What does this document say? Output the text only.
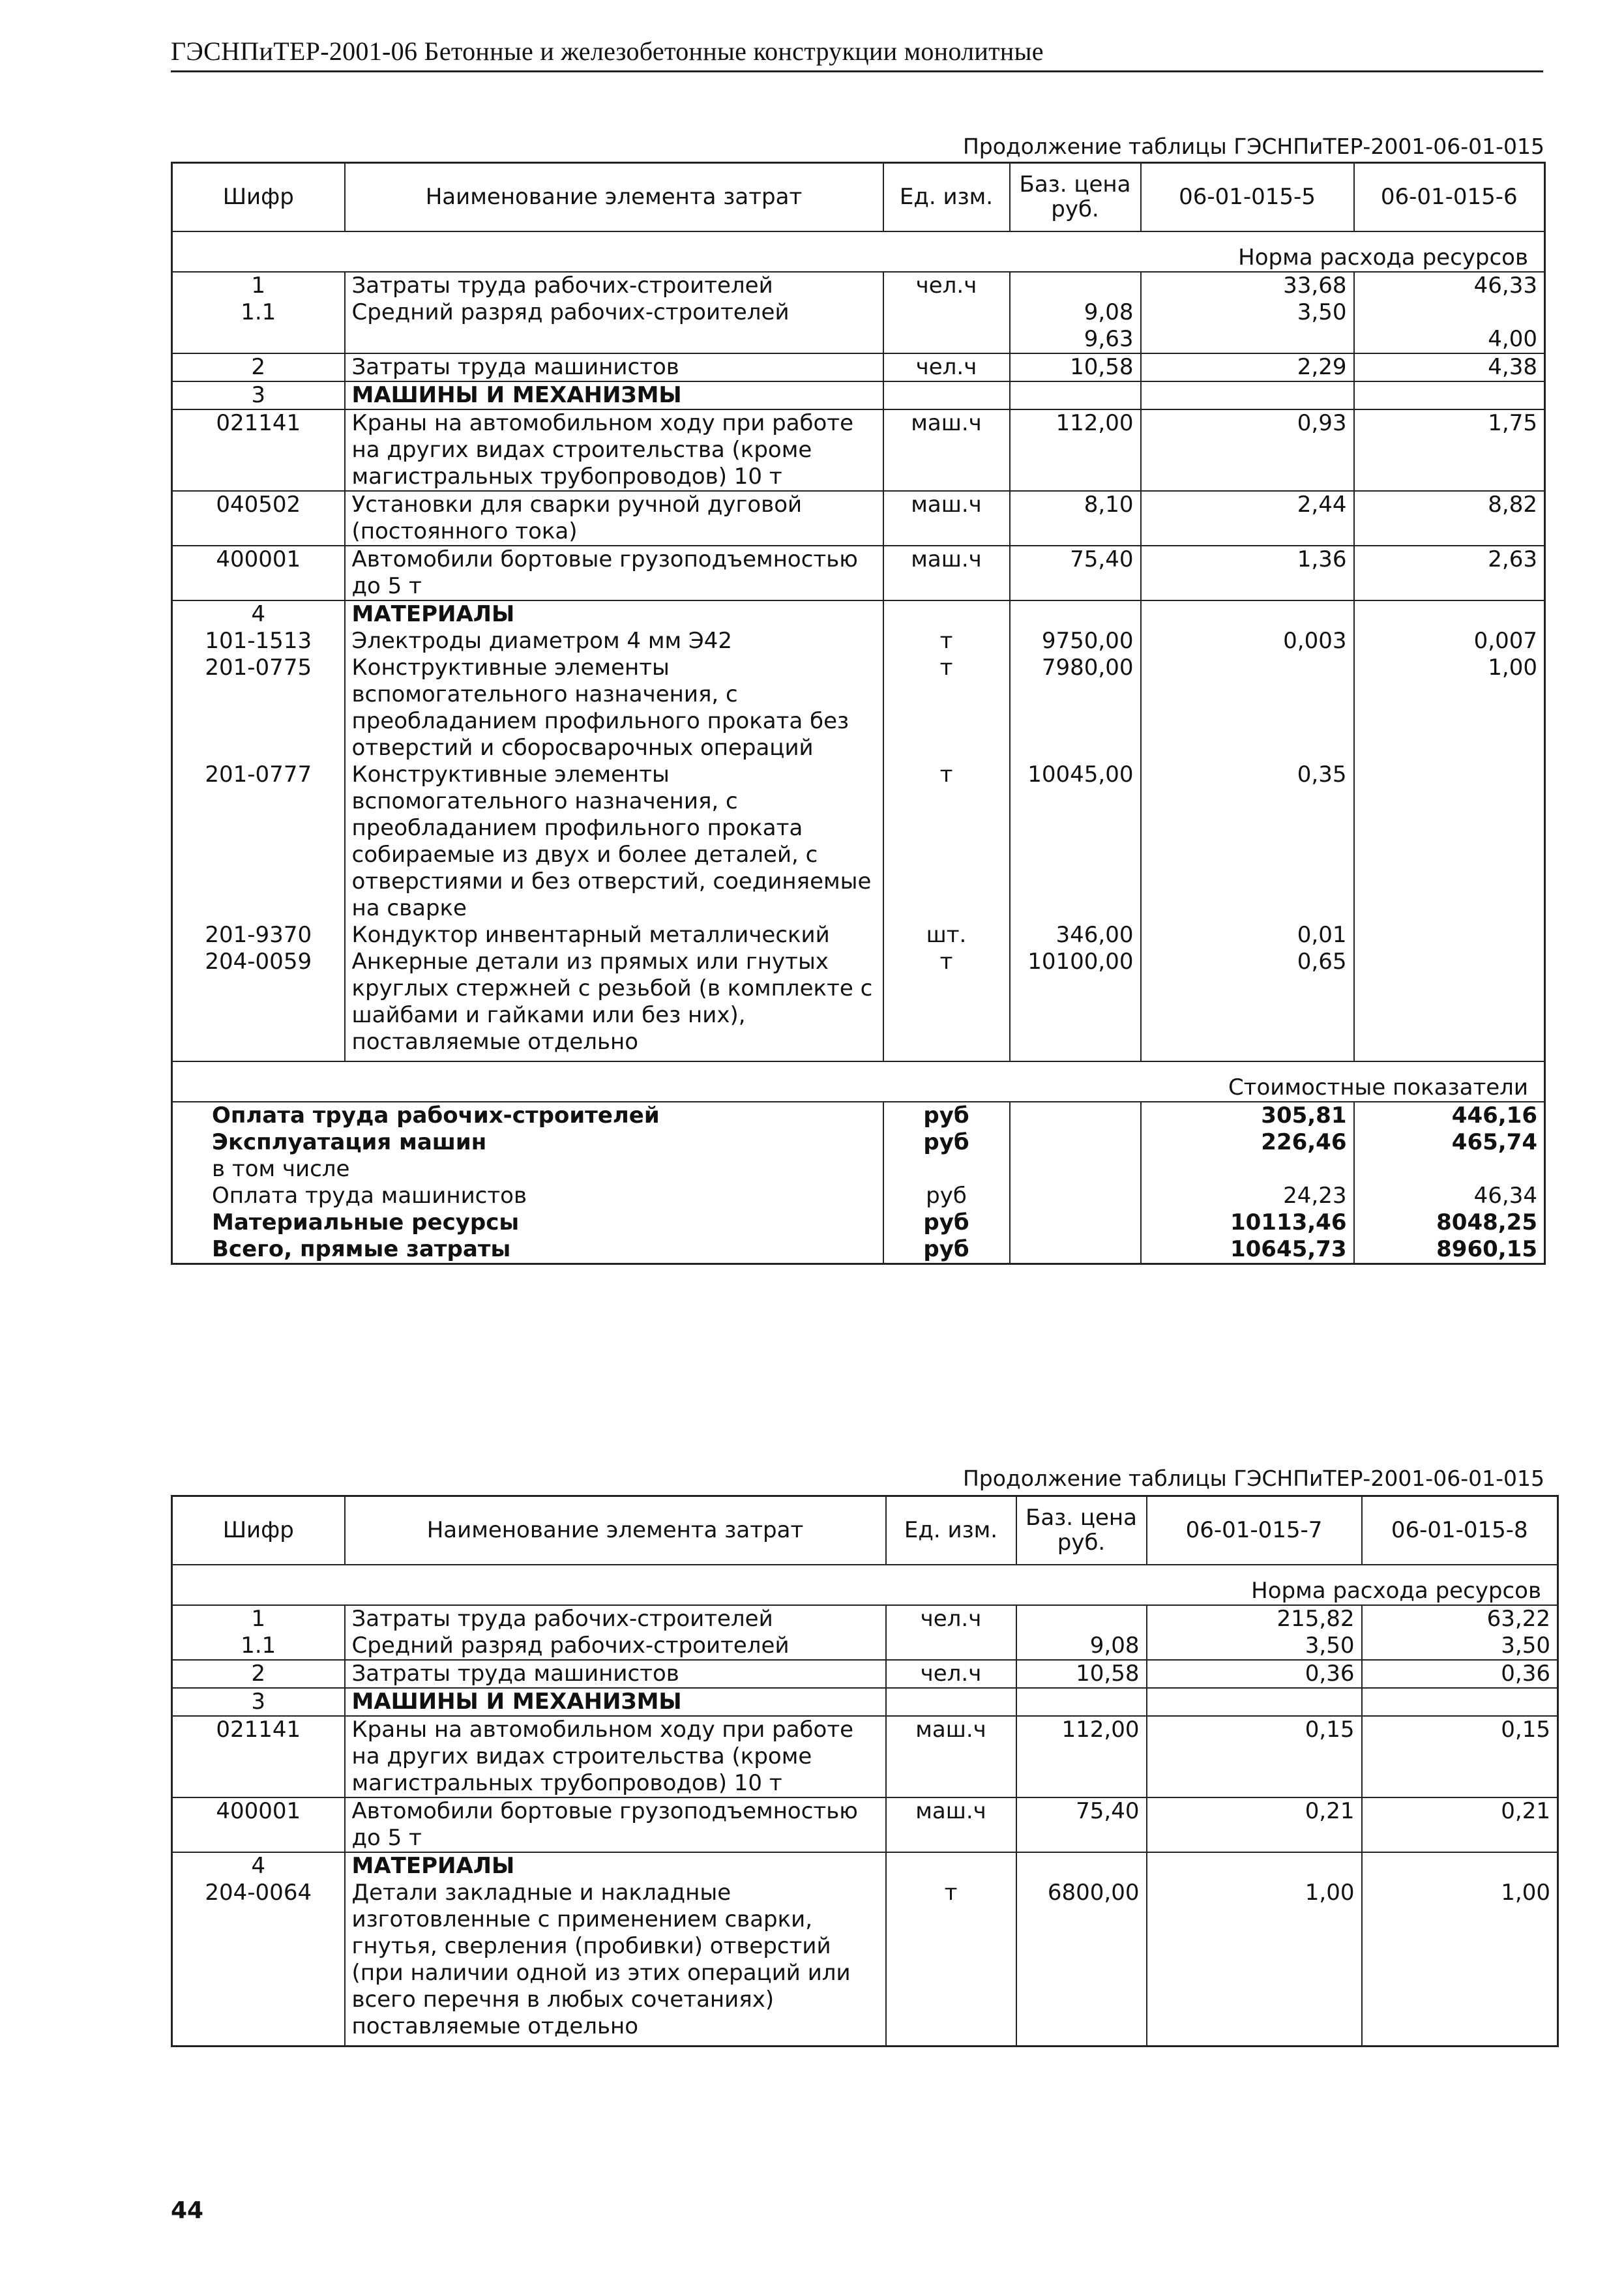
ГЭСНПиТЕР-2001-06 Бетонные и железобетонные конструкции монолитные
Продолжение таблицы ГЭСНПиТЕР-2001-06-01-015
Шифр	Наименование элемента затрат	Ед. изм.	Баз. цена руб.	06-01-015-5	06-01-015-6
Норма расхода ресурсов					
1	Затраты труда рабочих-строителей	чел.ч		33,68	46,33
1.1	Средний разряд рабочих-строителей		9,08	3,50	
			9,63		4,00
2	Затраты труда машинистов	чел.ч	10,58	2,29	4,38
3	МАШИНЫ И МЕХАНИЗМЫ				
021141	Краны на автомобильном ходу при работе на других видах строительства (кроме магистральных трубопроводов) 10 т	маш.ч	112,00	0,93	1,75
040502	Установки для сварки ручной дуговой (постоянного тока)	маш.ч	8,10	2,44	8,82
400001	Автомобили бортовые грузоподъемностью до 5 т	маш.ч	75,40	1,36	2,63
4	МАТЕРИАЛЫ				
101-1513	Электроды диаметром 4 мм Э42	т	9750,00	0,003	0,007
201-0775	Конструктивные элементы вспомогательного назначения, с преобладанием профильного проката без отверстий и сборосварочных операций	т	7980,00		1,00
201-0777	Конструктивные элементы вспомогательного назначения, с преобладанием профильного проката собираемые из двух и более деталей, с отверстиями и без отверстий, соединяемые на сварке	т	10045,00	0,35	
201-9370	Кондуктор инвентарный металлический	шт.	346,00	0,01	
204-0059	Анкерные детали из прямых или гнутых круглых стержней с резьбой (в комплекте с шайбами и гайками или без них), поставляемые отдельно	т	10100,00	0,65	

Стоимостные показатели					
Оплата труда рабочих-строителей		руб		305,81	446,16
Эксплуатация машин		руб		226,46	465,74
в том числе					
Оплата труда машинистов		руб		24,23	46,34
Материальные ресурсы		руб		10113,46	8048,25
Всего, прямые затраты		руб		10645,73	8960,15
Продолжение таблицы ГЭСНПиТЕР-2001-06-01-015
Шифр	Наименование элемента затрат	Ед. изм.	Баз. цена руб.	06-01-015-7	06-01-015-8
Норма расхода ресурсов					
1	Затраты труда рабочих-строителей	чел.ч		215,82	63,22
1.1	Средний разряд рабочих-строителей		9,08	3,50	3,50
2	Затраты труда машинистов	чел.ч	10,58	0,36	0,36
3	МАШИНЫ И МЕХАНИЗМЫ				
021141	Краны на автомобильном ходу при работе на других видах строительства (кроме магистральных трубопроводов) 10 т	маш.ч	112,00	0,15	0,15
400001	Автомобили бортовые грузоподъемностью до 5 т	маш.ч	75,40	0,21	0,21
4	МАТЕРИАЛЫ				
204-0064	Детали закладные и накладные изготовленные с применением сварки, гнутья, сверления (пробивки) отверстий (при наличии одной из этих операций или всего перечня в любых сочетаниях) поставляемые отдельно	т	6800,00	1,00	1,00

44
